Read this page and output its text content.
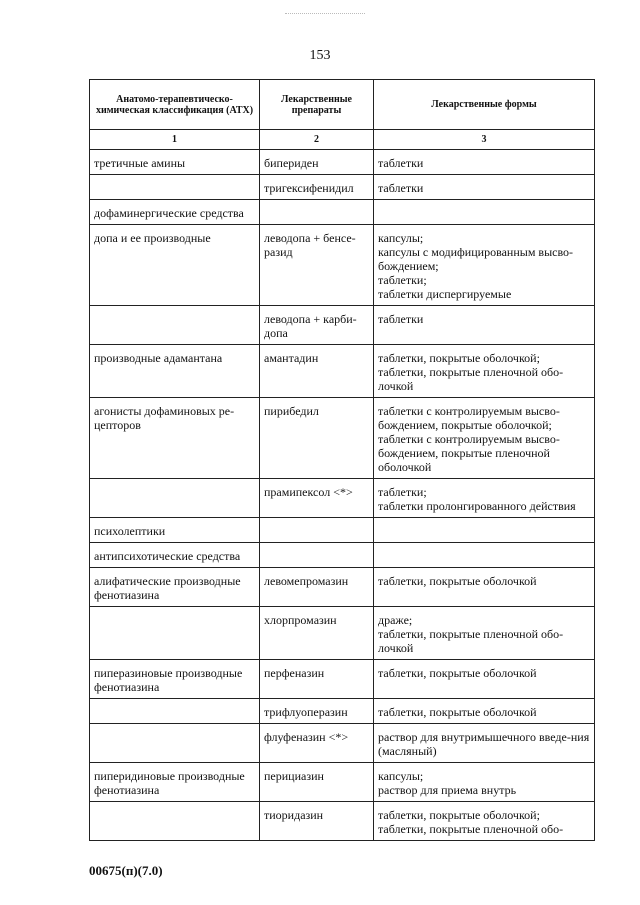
153
Анатомо-терапевтическо-химическая классификация (АТХ)	Лекарственные препараты	Лекарственные формы
1	2	3
третичные амины	бипериден	таблетки

	тригексифенидил	таблетки

дофаминергические средства		
допа и ее производные	леводопа + бенсе-разид	капсулы;
капсулы с модифицированным высво-бождением;
таблетки;
таблетки диспергируемые

	леводопа + карби-допа	таблетки

производные адамантана	амантадин	таблетки, покрытые оболочкой;
таблетки, покрытые пленочной обо-лочкой

агонисты дофаминовых ре-цепторов	пирибедил	таблетки с контролируемым высво-бождением, покрытые оболочкой;
таблетки с контролируемым высво-бождением, покрытые пленочной оболочкой

	прамипексол <*>	таблетки;
таблетки пролонгированного действия

психолептики		
антипсихотические средства		
алифатические производные фенотиазина	левомепромазин	таблетки, покрытые оболочкой

	хлорпромазин	драже;
таблетки, покрытые пленочной обо-лочкой

пиперазиновые производные фенотиазина	перфеназин	таблетки, покрытые оболочкой

	трифлуоперазин	таблетки, покрытые оболочкой

	флуфеназин <*>	раствор для внутримышечного введе-ния (масляный)

пиперидиновые производные фенотиазина	перициазин	капсулы;
раствор для приема внутрь

	тиоридазин	таблетки, покрытые оболочкой;
таблетки, покрытые пленочной обо-
00675(п)(7.0)
